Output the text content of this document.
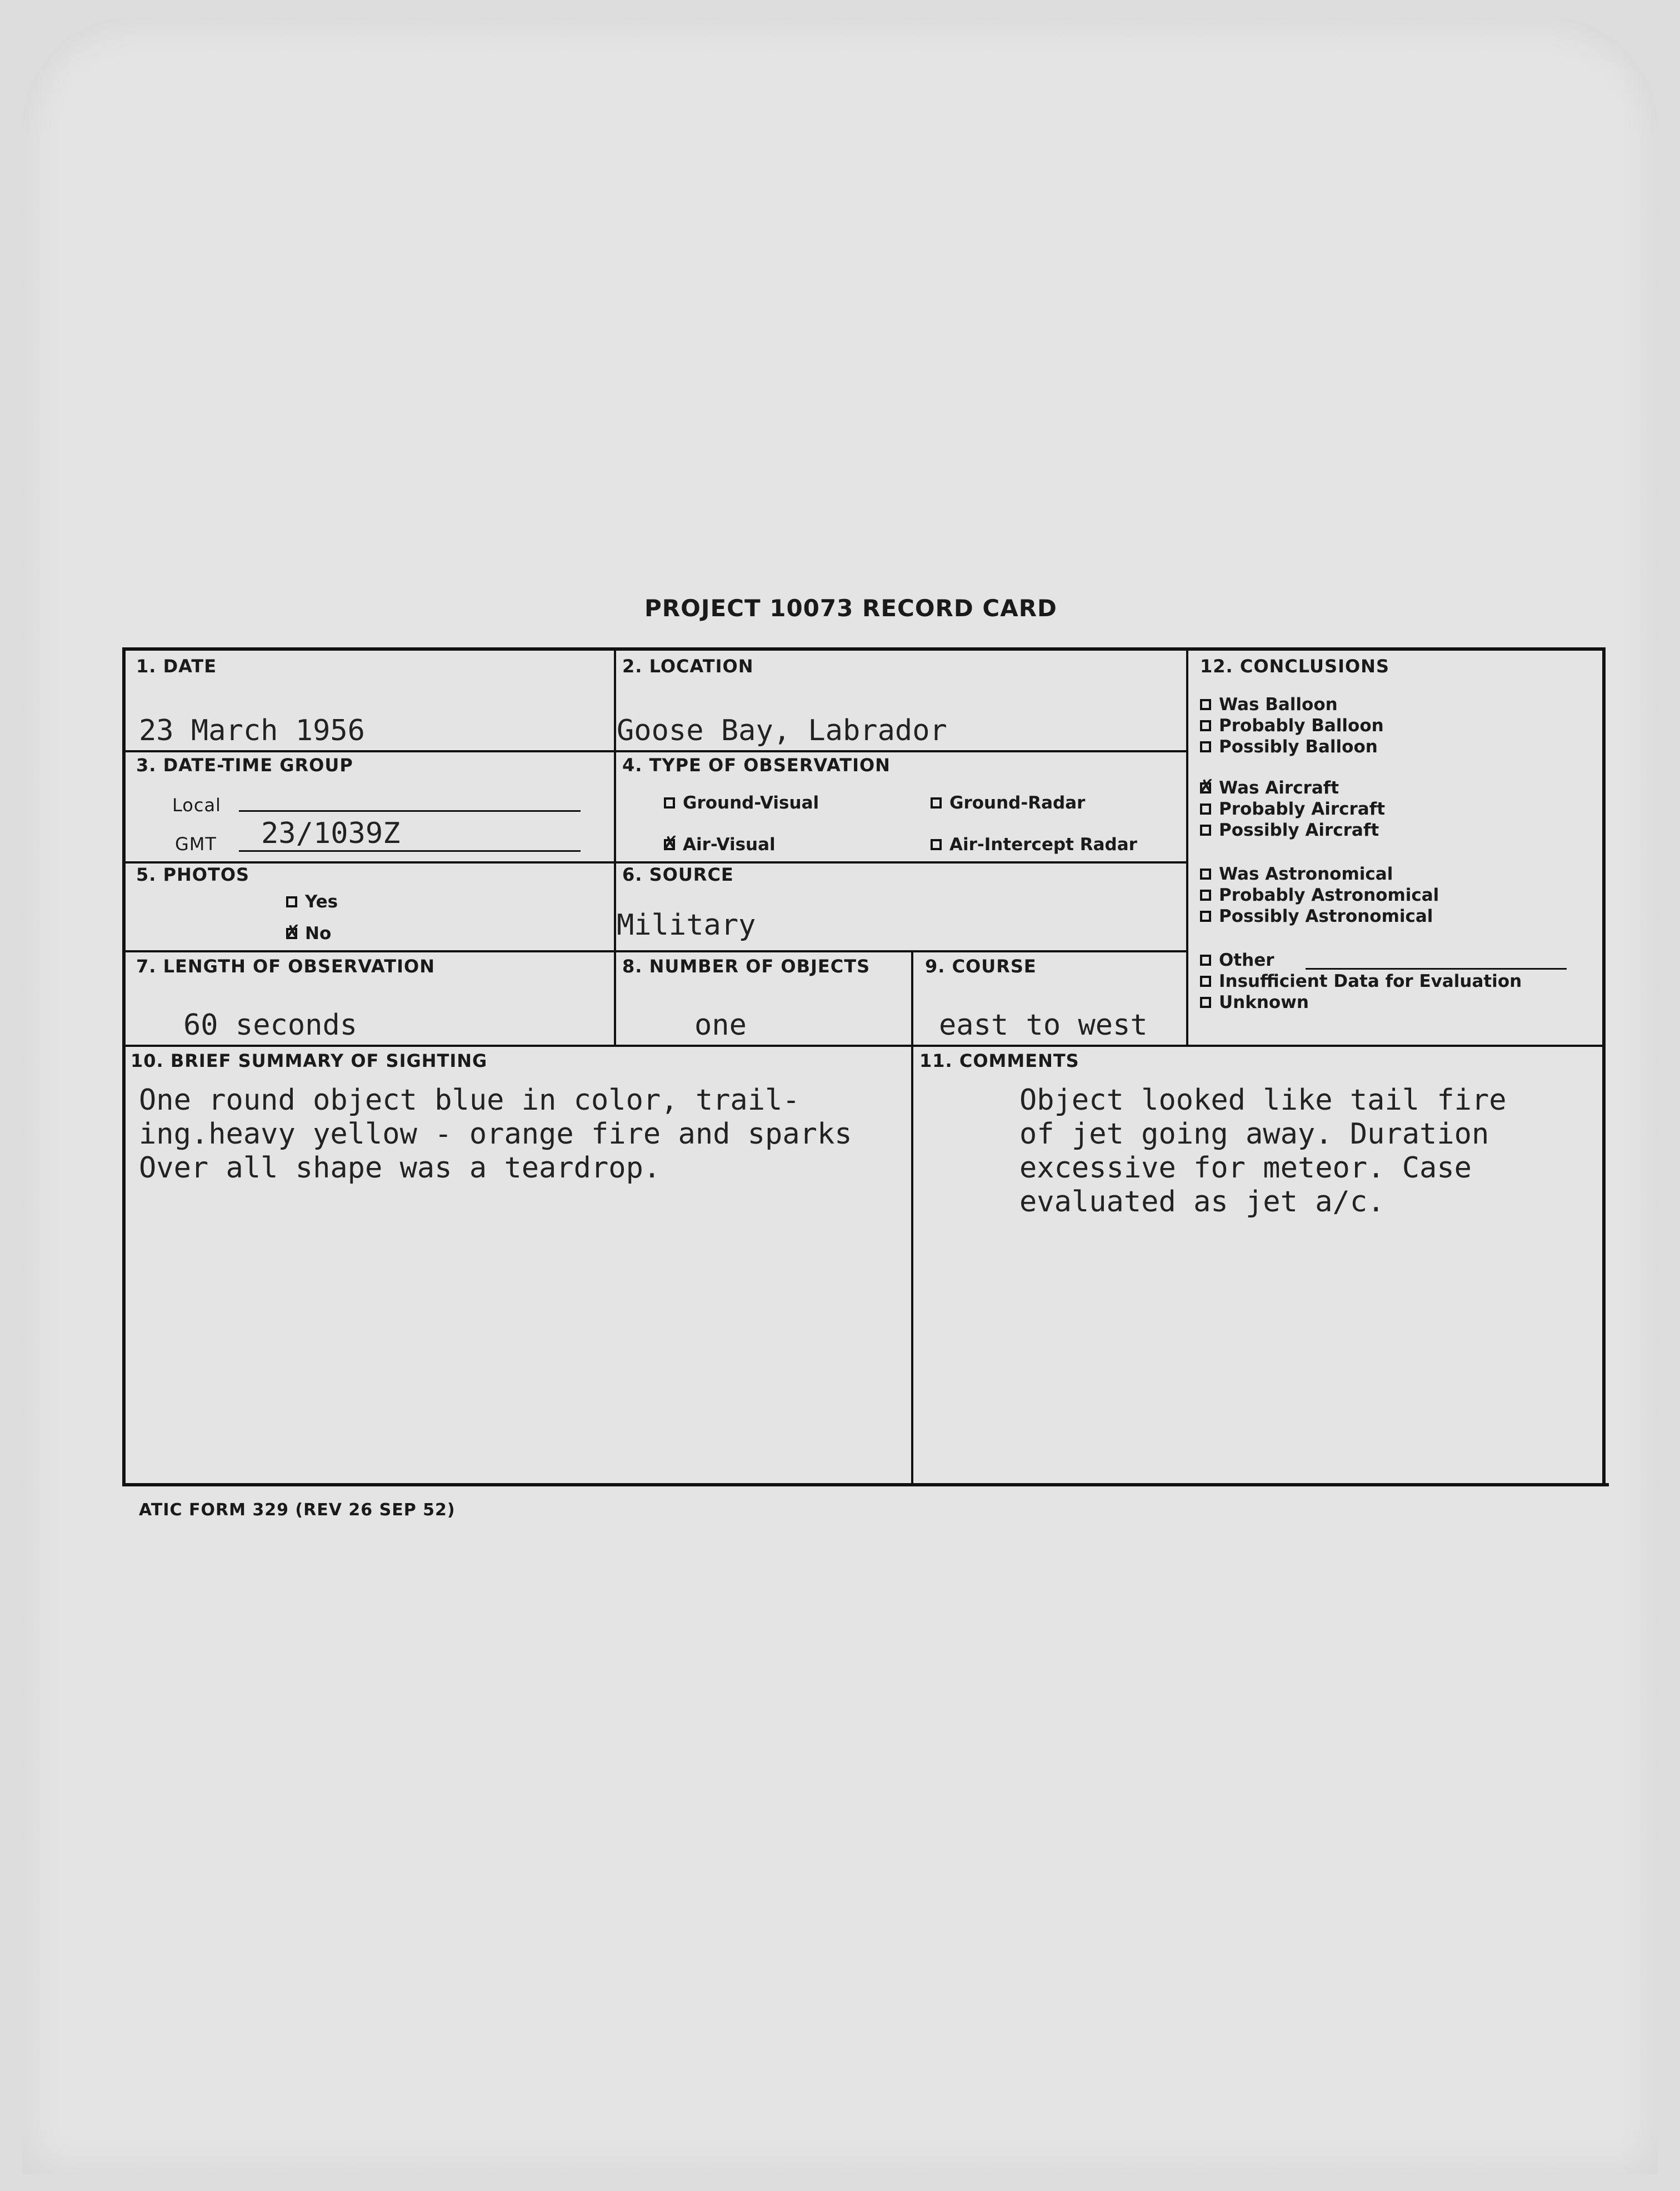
PROJECT 10073 RECORD CARD
1. DATE
23 March 1956
2. LOCATION
Goose Bay, Labrador
3. DATE-TIME GROUP
Local
GMT 23/1039Z
4. TYPE OF OBSERVATION
Ground-Visual	Ground-Radar
✗
Air-Visual	Air-Intercept Radar
5. PHOTOS
Yes
✗
No
6. SOURCE
Military
7. LENGTH OF OBSERVATION
60 seconds
8. NUMBER OF OBJECTS
one
9. COURSE
east to west
10. BRIEF SUMMARY OF SIGHTING
One round object blue in color, trail-
ing.heavy yellow - orange fire and sparks
Over all shape was a teardrop.
11. COMMENTS
Object looked like tail fire
of jet going away. Duration
excessive for meteor. Case
evaluated as jet a/c.
12. CONCLUSIONS
Was Balloon
Probably Balloon
Possibly Balloon
✗
Was Aircraft
Probably Aircraft
Possibly Aircraft
Was Astronomical
Probably Astronomical
Possibly Astronomical
Other
Insufficient Data for Evaluation
Unknown
ATIC FORM 329 (REV 26 SEP 52)
